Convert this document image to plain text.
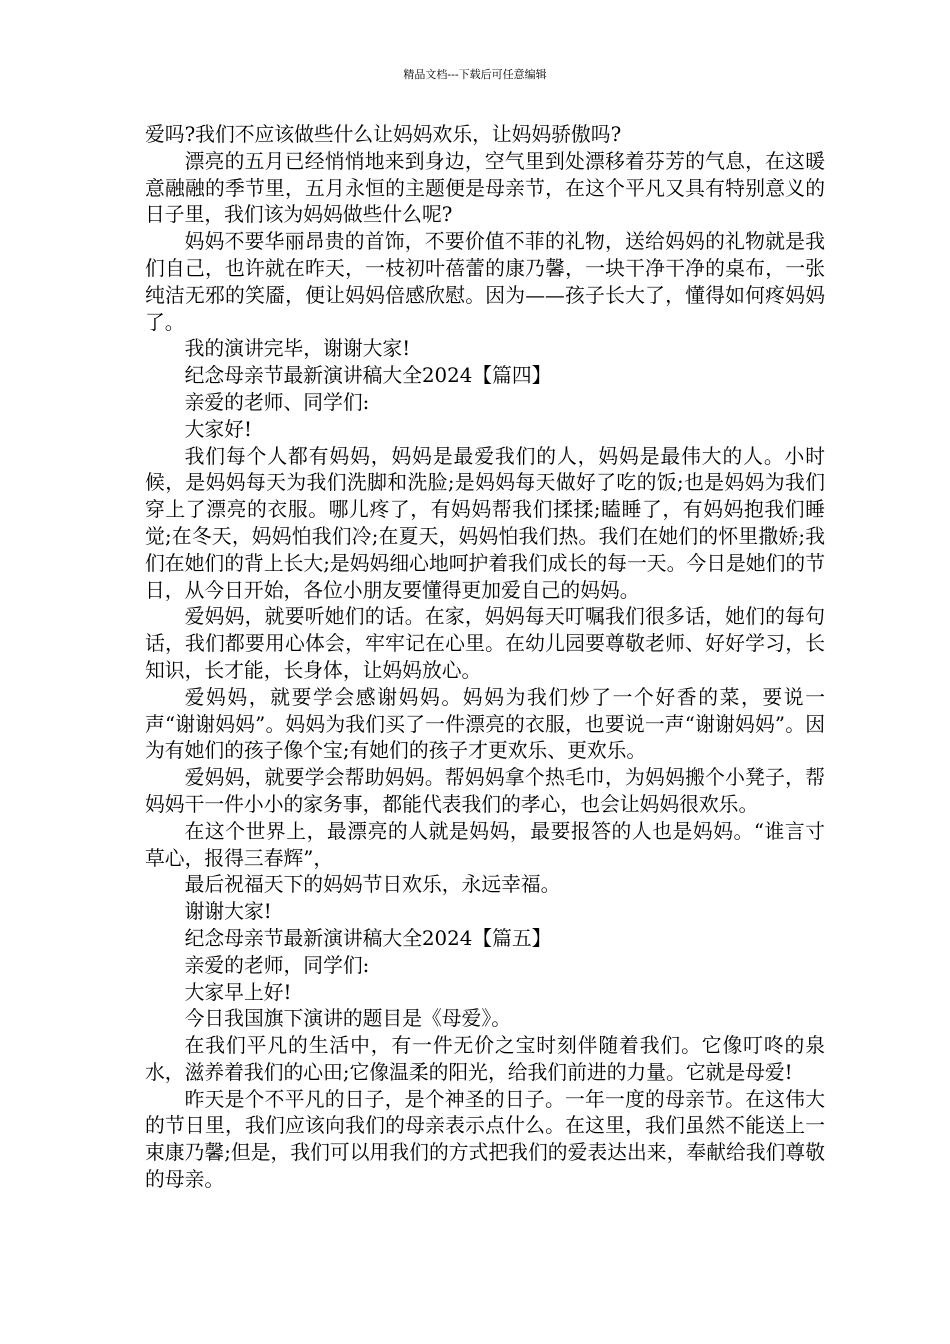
精品文档---下载后可任意编辑

爱吗?我们不应该做些什么让妈妈欢乐，让妈妈骄傲吗?

漂亮的五月已经悄悄地来到身边，空气里到处漂移着芬芳的气息，在这暖意融融的季节里，五月永恒的主题便是母亲节，在这个平凡又具有特别意义的日子里，我们该为妈妈做些什么呢?

妈妈不要华丽昂贵的首饰，不要价值不菲的礼物，送给妈妈的礼物就是我们自己，也许就在昨天，一枝初叶蓓蕾的康乃馨，一块干净干净的桌布，一张纯洁无邪的笑靥，便让妈妈倍感欣慰。因为——孩子长大了，懂得如何疼妈妈了。

我的演讲完毕，谢谢大家!

纪念母亲节最新演讲稿大全2024【篇四】

亲爱的老师、同学们:

大家好!

我们每个人都有妈妈，妈妈是最爱我们的人，妈妈是最伟大的人。小时候，是妈妈每天为我们洗脚和洗脸;是妈妈每天做好了吃的饭;也是妈妈为我们穿上了漂亮的衣服。哪儿疼了，有妈妈帮我们揉揉;瞌睡了，有妈妈抱我们睡觉;在冬天，妈妈怕我们冷;在夏天，妈妈怕我们热。我们在她们的怀里撒娇;我们在她们的背上长大;是妈妈细心地呵护着我们成长的每一天。今日是她们的节日，从今日开始，各位小朋友要懂得更加爱自己的妈妈。

爱妈妈，就要听她们的话。在家，妈妈每天叮嘱我们很多话，她们的每句话，我们都要用心体会，牢牢记在心里。在幼儿园要尊敬老师、好好学习，长知识，长才能，长身体，让妈妈放心。

爱妈妈，就要学会感谢妈妈。妈妈为我们炒了一个好香的菜，要说一声“谢谢妈妈”。妈妈为我们买了一件漂亮的衣服，也要说一声“谢谢妈妈”。因为有她们的孩子像个宝;有她们的孩子才更欢乐、更欢乐。

爱妈妈，就要学会帮助妈妈。帮妈妈拿个热毛巾，为妈妈搬个小凳子，帮妈妈干一件小小的家务事，都能代表我们的孝心，也会让妈妈很欢乐。

在这个世界上，最漂亮的人就是妈妈，最要报答的人也是妈妈。“谁言寸草心，报得三春辉”，

最后祝福天下的妈妈节日欢乐，永远幸福。

谢谢大家!

纪念母亲节最新演讲稿大全2024【篇五】

亲爱的老师，同学们:

大家早上好!

今日我国旗下演讲的题目是《母爱》。

在我们平凡的生活中，有一件无价之宝时刻伴随着我们。它像叮咚的泉水，滋养着我们的心田;它像温柔的阳光，给我们前进的力量。它就是母爱!

昨天是个不平凡的日子，是个神圣的日子。一年一度的母亲节。在这伟大的节日里，我们应该向我们的母亲表示点什么。在这里，我们虽然不能送上一束康乃馨;但是，我们可以用我们的方式把我们的爱表达出来，奉献给我们尊敬的母亲。
